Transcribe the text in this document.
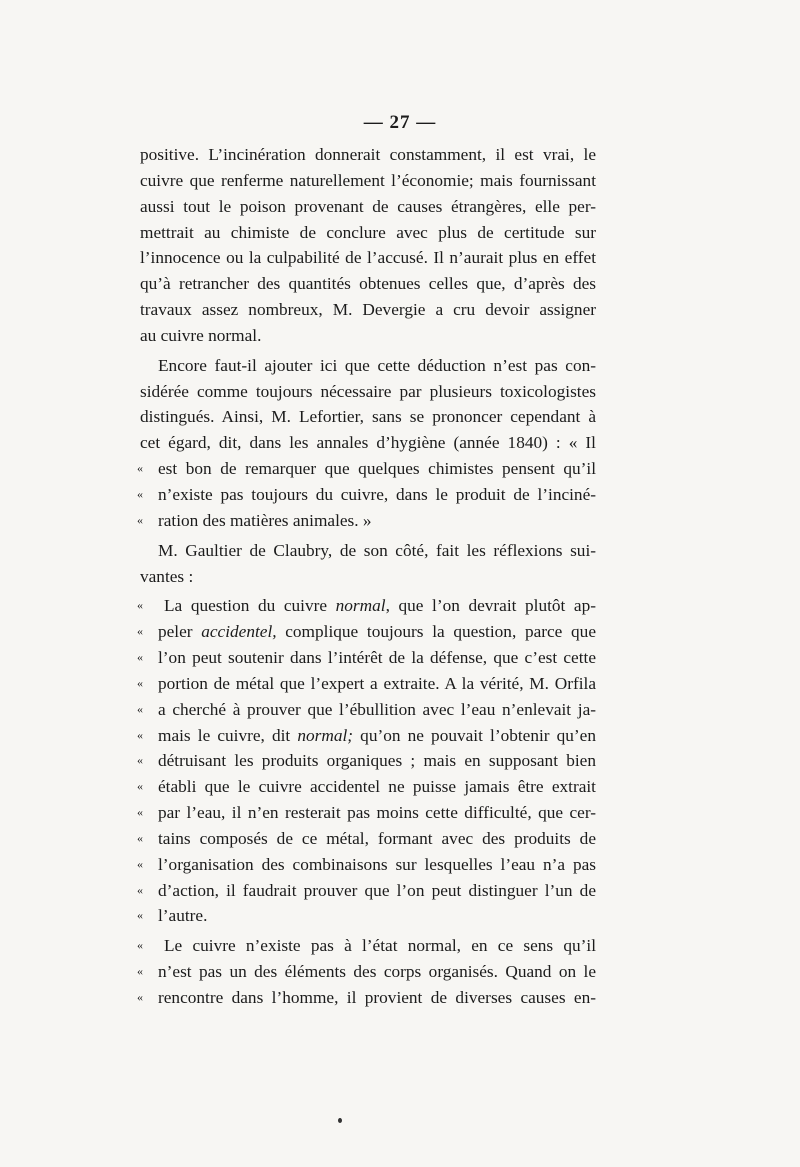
— 27 —
positive. L’incinération donnerait constamment, il est vrai, le
cuivre que renferme naturellement l’économie; mais fournissant
aussi tout le poison provenant de causes étrangères, elle per-
mettrait au chimiste de conclure avec plus de certitude sur
l’innocence ou la culpabilité de l’accusé. Il n’aurait plus en effet
qu’à retrancher des quantités obtenues celles que, d’après des
travaux assez nombreux, M. Devergie a cru devoir assigner
au cuivre normal.
Encore faut-il ajouter ici que cette déduction n’est pas con-
sidérée comme toujours nécessaire par plusieurs toxicologistes
distingués. Ainsi, M. Lefortier, sans se prononcer cependant à
cet égard, dit, dans les annales d’hygiène (année 1840) : « Il
« est bon de remarquer que quelques chimistes pensent qu’il
« n’existe pas toujours du cuivre, dans le produit de l’inciné-
« ration des matières animales. »
M. Gaultier de Claubry, de son côté, fait les réflexions sui-
vantes :
« La question du cuivre normal, que l’on devrait plutôt ap-
« peler accidentel, complique toujours la question, parce que
« l’on peut soutenir dans l’intérêt de la défense, que c’est cette
« portion de métal que l’expert a extraite. A la vérité, M. Orfila
« a cherché à prouver que l’ébullition avec l’eau n’enlevait ja-
« mais le cuivre, dit normal; qu’on ne pouvait l’obtenir qu’en
« détruisant les produits organiques ; mais en supposant bien
« établi que le cuivre accidentel ne puisse jamais être extrait
« par l’eau, il n’en resterait pas moins cette difficulté, que cer-
« tains composés de ce métal, formant avec des produits de
« l’organisation des combinaisons sur lesquelles l’eau n’a pas
« d’action, il faudrait prouver que l’on peut distinguer l’un de
« l’autre.
« Le cuivre n’existe pas à l’état normal, en ce sens qu’il
« n’est pas un des éléments des corps organisés. Quand on le
« rencontre dans l’homme, il provient de diverses causes en-
